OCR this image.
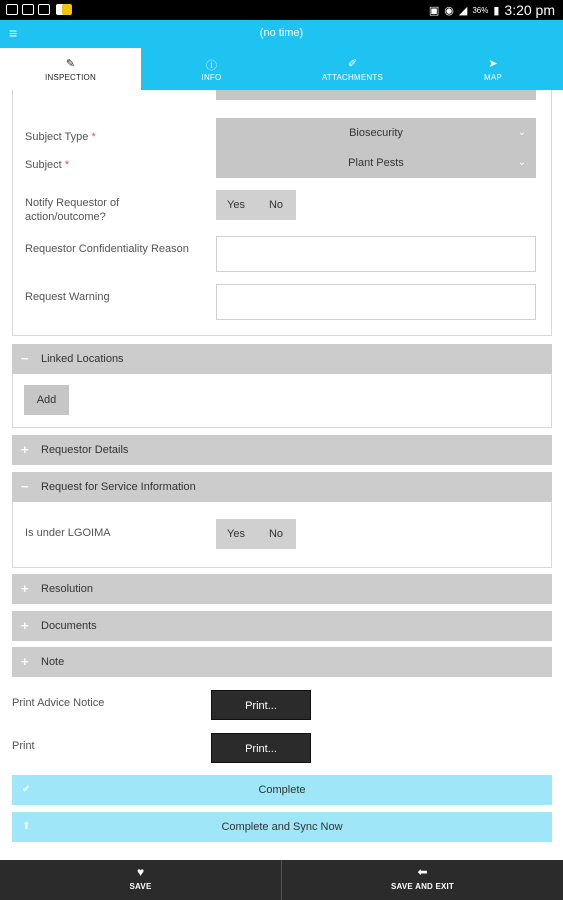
▣ ◉ ◢ 36% ▮ 3:20 pm
≡	(no time)
✎
INSPECTION
ⓘ
INFO
✐
ATTACHMENTS
➤
MAP
Subject Type *	Biosecurity	⌄
Subject *	Plant Pests	⌄
Notify Requestor of action/outcome?
Yes	No
Requestor Confidentiality Reason
Request Warning
− Linked Locations
Add
+ Requestor Details
− Request for Service Information
Is under LGOIMA	Yes	No
+ Resolution
+ Documents
+ Note
Print Advice Notice	Print...
Print	Print...
✔	Complete
⬆	Complete and Sync Now
♥
SAVE
⬅
SAVE AND EXIT
